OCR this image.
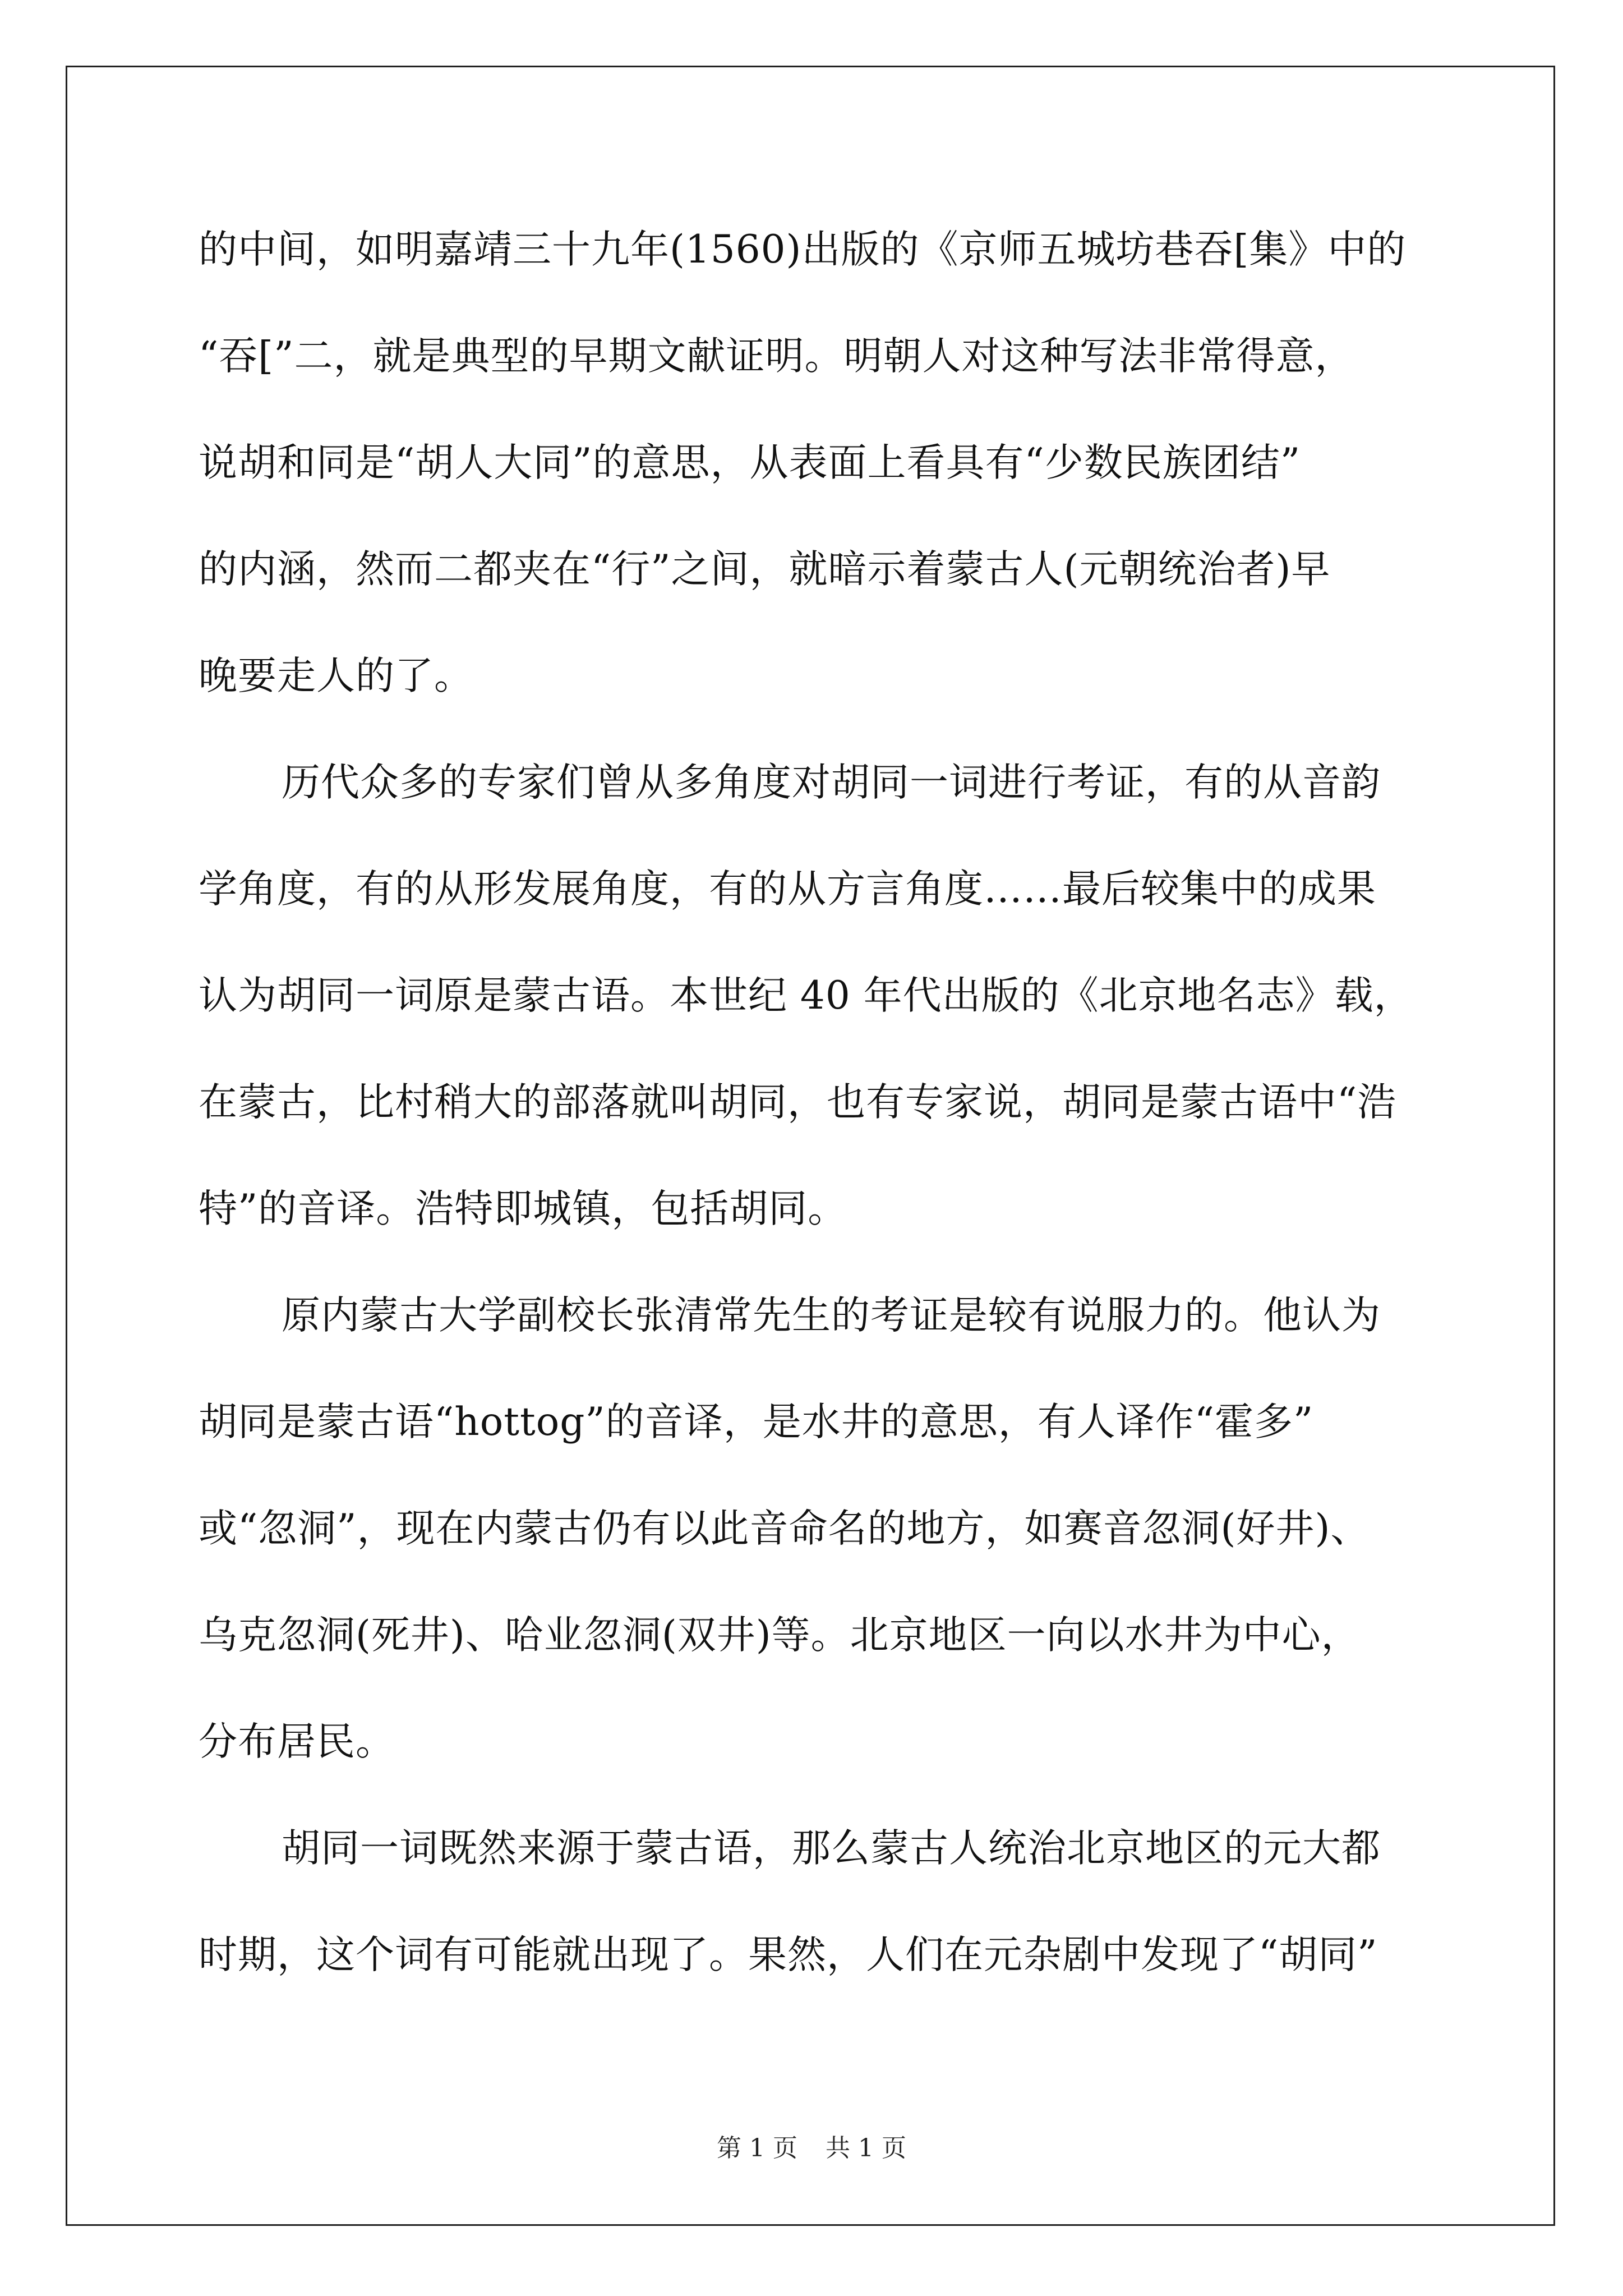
的中间，如明嘉靖三十九年(1560)出版的《京师五城坊巷吞[集》中的
“吞[”二，就是典型的早期文献证明。明朝人对这种写法非常得意，
说胡和同是“胡人大同”的意思，从表面上看具有“少数民族团结”
的内涵，然而二都夹在“行”之间，就暗示着蒙古人(元朝统治者)早
晚要走人的了。
历代众多的专家们曾从多角度对胡同一词进行考证，有的从音韵
学角度，有的从形发展角度，有的从方言角度……最后较集中的成果
认为胡同一词原是蒙古语。本世纪 40 年代出版的《北京地名志》载，
在蒙古，比村稍大的部落就叫胡同，也有专家说，胡同是蒙古语中“浩
特”的音译。浩特即城镇，包括胡同。
原内蒙古大学副校长张清常先生的考证是较有说服力的。他认为
胡同是蒙古语“hottog”的音译，是水井的意思，有人译作“霍多”
或“忽洞”，现在内蒙古仍有以此音命名的地方，如赛音忽洞(好井)、
乌克忽洞(死井)、哈业忽洞(双井)等。北京地区一向以水井为中心，
分布居民。
胡同一词既然来源于蒙古语，那么蒙古人统治北京地区的元大都
时期，这个词有可能就出现了。果然，人们在元杂剧中发现了“胡同”
第 1 页 共 1 页
